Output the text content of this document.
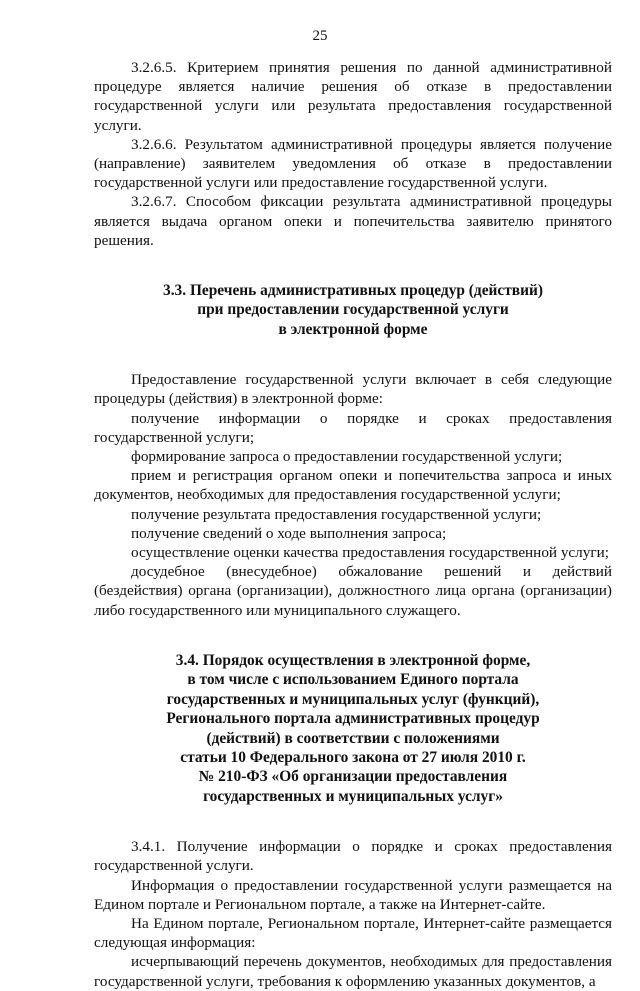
25

3.2.6.5. Критерием принятия решения по данной административной процедуре является наличие решения об отказе в предоставлении государственной услуги или результата предоставления государственной услуги.

3.2.6.6. Результатом административной процедуры является получение (направление) заявителем уведомления об отказе в предоставлении государственной услуги или предоставление государственной услуги.

3.2.6.7. Способом фиксации результата административной процедуры является выдача органом опеки и попечительства заявителю принятого решения.

3.3. Перечень административных процедур (действий)
при предоставлении государственной услуги
в электронной форме

Предоставление государственной услуги включает в себя следующие процедуры (действия) в электронной форме:

получение информации о порядке и сроках предоставления государственной услуги;

формирование запроса о предоставлении государственной услуги;

прием и регистрация органом опеки и попечительства запроса и иных документов, необходимых для предоставления государственной услуги;

получение результата предоставления государственной услуги;

получение сведений о ходе выполнения запроса;

осуществление оценки качества предоставления государственной услуги;

досудебное (внесудебное) обжалование решений и действий (бездействия) органа (организации), должностного лица органа (организации) либо государственного или муниципального служащего.

3.4. Порядок осуществления в электронной форме,
в том числе с использованием Единого портала
государственных и муниципальных услуг (функций),
Регионального портала административных процедур
(действий) в соответствии с положениями
статьи 10 Федерального закона от 27 июля 2010 г.
№ 210-ФЗ «Об организации предоставления
государственных и муниципальных услуг»

3.4.1. Получение информации о порядке и сроках предоставления государственной услуги.

Информация о предоставлении государственной услуги размещается на Едином портале и Региональном портале, а также на Интернет-сайте.

На Едином портале, Региональном портале, Интернет-сайте размещается следующая информация:

исчерпывающий перечень документов, необходимых для предоставления государственной услуги, требования к оформлению указанных документов, а
